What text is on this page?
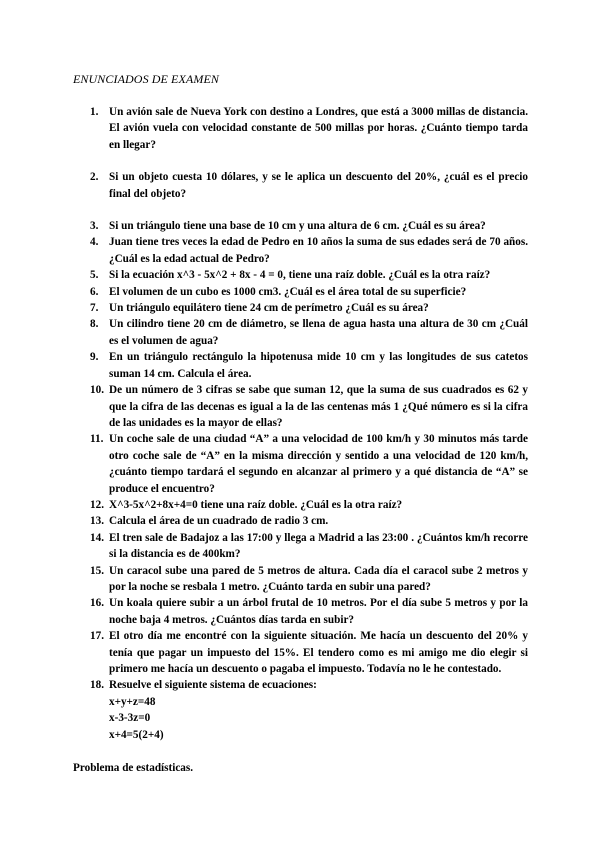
ENUNCIADOS DE EXAMEN
1. Un avión sale de Nueva York con destino a Londres, que está a 3000 millas de distancia. El avión vuela con velocidad constante de 500 millas por horas. ¿Cuánto tiempo tarda en llegar?
2. Si un objeto cuesta 10 dólares, y se le aplica un descuento del 20%, ¿cuál es el precio final del objeto?
3. Si un triángulo tiene una base de 10 cm y una altura de 6 cm. ¿Cuál es su área?
4. Juan tiene tres veces la edad de Pedro en 10 años la suma de sus edades será de 70 años. ¿Cuál es la edad actual de Pedro?
5. Si la ecuación x^3 - 5x^2 + 8x - 4 = 0, tiene una raíz doble. ¿Cuál es la otra raíz?
6. El volumen de un cubo es 1000 cm3. ¿Cuál es el área total de su superficie?
7. Un triángulo equilátero tiene 24 cm de perímetro ¿Cuál es su área?
8. Un cilindro tiene 20 cm de diámetro, se llena de agua hasta una altura de 30 cm ¿Cuál es el volumen de agua?
9. En un triángulo rectángulo la hipotenusa mide 10 cm y las longitudes de sus catetos suman 14 cm. Calcula el área.
10. De un número de 3 cifras se sabe que suman 12, que la suma de sus cuadrados es 62 y que la cifra de las decenas es igual a la de las centenas más 1 ¿Qué número es si la cifra de las unidades es la mayor de ellas?
11. Un coche sale de una ciudad “A” a una velocidad de 100 km/h y 30 minutos más tarde otro coche sale de “A” en la misma dirección y sentido a una velocidad de 120 km/h, ¿cuánto tiempo tardará el segundo en alcanzar al primero y a qué distancia de “A” se produce el encuentro?
12. X^3-5x^2+8x+4=0 tiene una raíz doble. ¿Cuál es la otra raíz?
13. Calcula el área de un cuadrado de radio 3 cm.
14. El tren sale de Badajoz a las 17:00 y llega a Madrid a las 23:00 . ¿Cuántos km/h recorre si la distancia es de 400km?
15. Un caracol sube una pared de 5 metros de altura. Cada día el caracol sube 2 metros y por la noche se resbala 1 metro. ¿Cuánto tarda en subir una pared?
16. Un koala quiere subir a un árbol frutal de 10 metros. Por el día sube 5 metros y por la noche baja 4 metros. ¿Cuántos días tarda en subir?
17. El otro día me encontré con la siguiente situación. Me hacía un descuento del 20% y tenía que pagar un impuesto del 15%. El tendero como es mi amigo me dio elegir si primero me hacía un descuento o pagaba el impuesto. Todavía no le he contestado.
18. Resuelve el siguiente sistema de ecuaciones:
x+y+z=48
x-3-3z=0
x+4=5(2+4)
Problema de estadísticas.
